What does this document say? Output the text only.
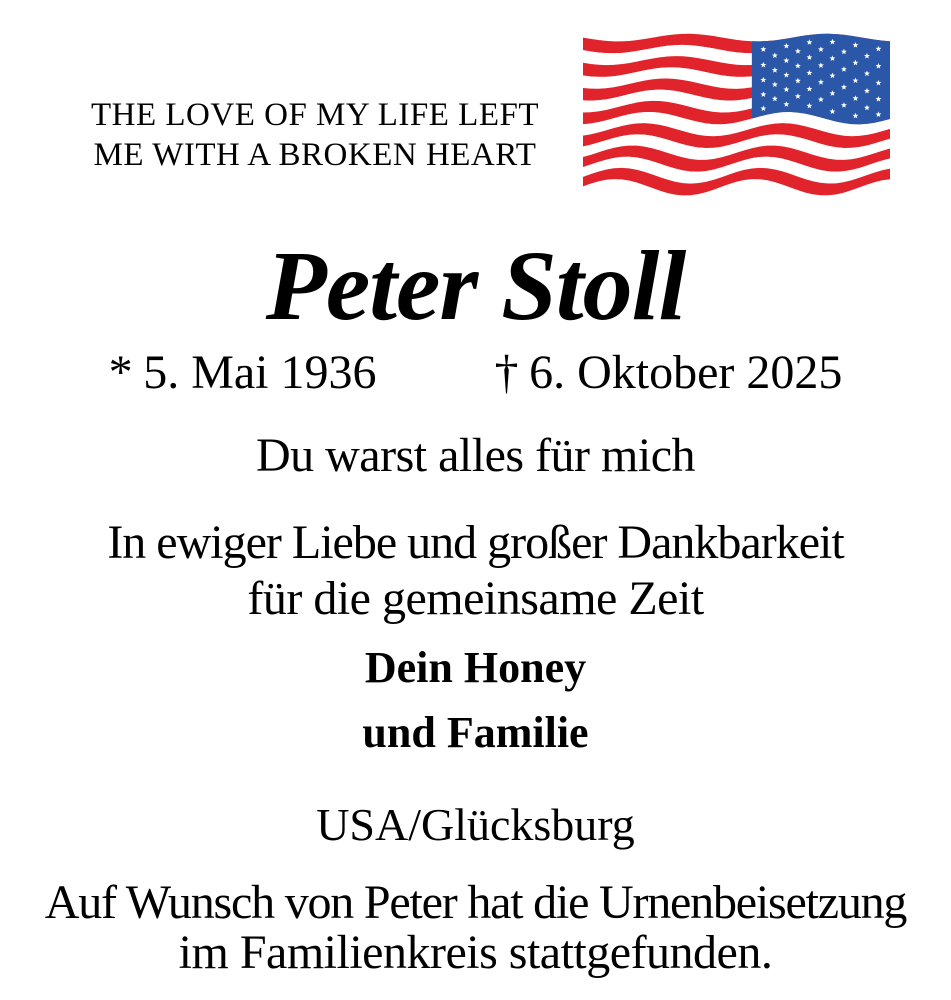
THE LOVE OF MY LIFE LEFT
ME WITH A BROKEN HEART
Peter Stoll
* 5. Mai 1936 † 6. Oktober 2025
Du warst alles für mich
In ewiger Liebe und großer Dankbarkeit
für die gemeinsame Zeit
Dein Honey
und Familie
USA/Glücksburg
Auf Wunsch von Peter hat die Urnenbeisetzung
im Familienkreis stattgefunden.
